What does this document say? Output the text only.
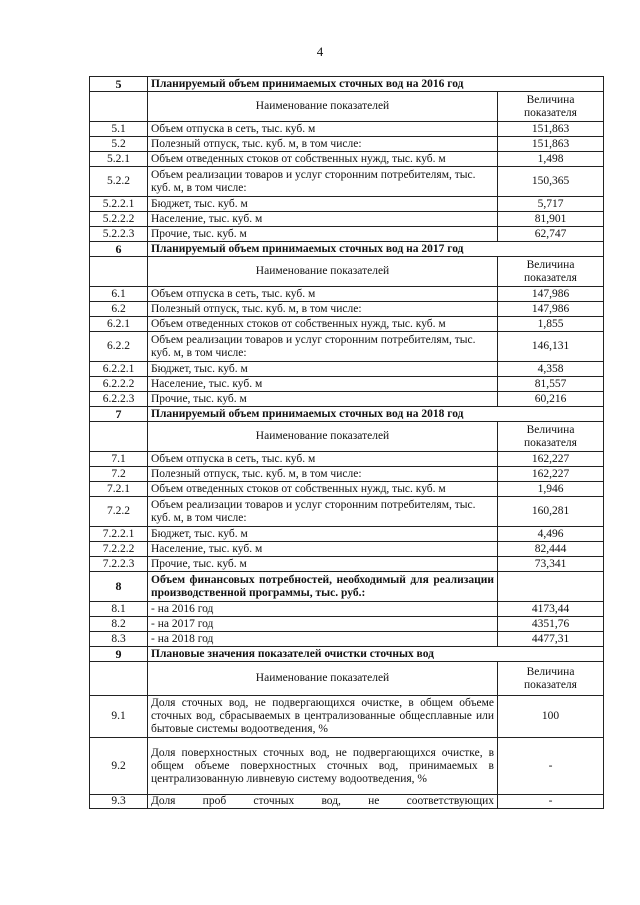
4
5	Планируемый объем принимаемых сточных вод на 2016 год	
	Наименование показателей	Величина показателя
5.1	Объем отпуска в сеть, тыс. куб. м	151,863
5.2	Полезный отпуск, тыс. куб. м, в том числе:	151,863
5.2.1	Объем отведенных стоков от собственных нужд, тыс. куб. м	1,498
5.2.2	Объем реализации товаров и услуг сторонним потребителям, тыс. куб. м, в том числе:	150,365
5.2.2.1	Бюджет, тыс. куб. м	5,717
5.2.2.2	Население, тыс. куб. м	81,901
5.2.2.3	Прочие, тыс. куб. м	62,747
6	Планируемый объем принимаемых сточных вод на 2017 год	
	Наименование показателей	Величина показателя
6.1	Объем отпуска в сеть, тыс. куб. м	147,986
6.2	Полезный отпуск, тыс. куб. м, в том числе:	147,986
6.2.1	Объем отведенных стоков от собственных нужд, тыс. куб. м	1,855
6.2.2	Объем реализации товаров и услуг сторонним потребителям, тыс. куб. м, в том числе:	146,131
6.2.2.1	Бюджет, тыс. куб. м	4,358
6.2.2.2	Население, тыс. куб. м	81,557
6.2.2.3	Прочие, тыс. куб. м	60,216
7	Планируемый объем принимаемых сточных вод на 2018 год	
	Наименование показателей	Величина показателя
7.1	Объем отпуска в сеть, тыс. куб. м	162,227
7.2	Полезный отпуск, тыс. куб. м, в том числе:	162,227
7.2.1	Объем отведенных стоков от собственных нужд, тыс. куб. м	1,946
7.2.2	Объем реализации товаров и услуг сторонним потребителям, тыс. куб. м, в том числе:	160,281
7.2.2.1	Бюджет, тыс. куб. м	4,496
7.2.2.2	Население, тыс. куб. м	82,444
7.2.2.3	Прочие, тыс. куб. м	73,341
8	Объем финансовых потребностей, необходимый для реализации производственной программы, тыс. руб.:	
8.1	- на 2016 год	4173,44
8.2	- на 2017 год	4351,76
8.3	- на 2018 год	4477,31
9	Плановые значения показателей очистки сточных вод	
	Наименование показателей	Величина показателя
9.1	Доля сточных вод, не подвергающихся очистке, в общем объеме сточных вод, сбрасываемых в централизованные общесплавные или бытовые системы водоотведения, %	100
9.2	Доля поверхностных сточных вод, не подвергающихся очистке, в общем объеме поверхностных сточных вод, принимаемых в централизованную ливневую систему водоотведения, %	-
9.3	Доля проб сточных вод, не соответствующих	-
